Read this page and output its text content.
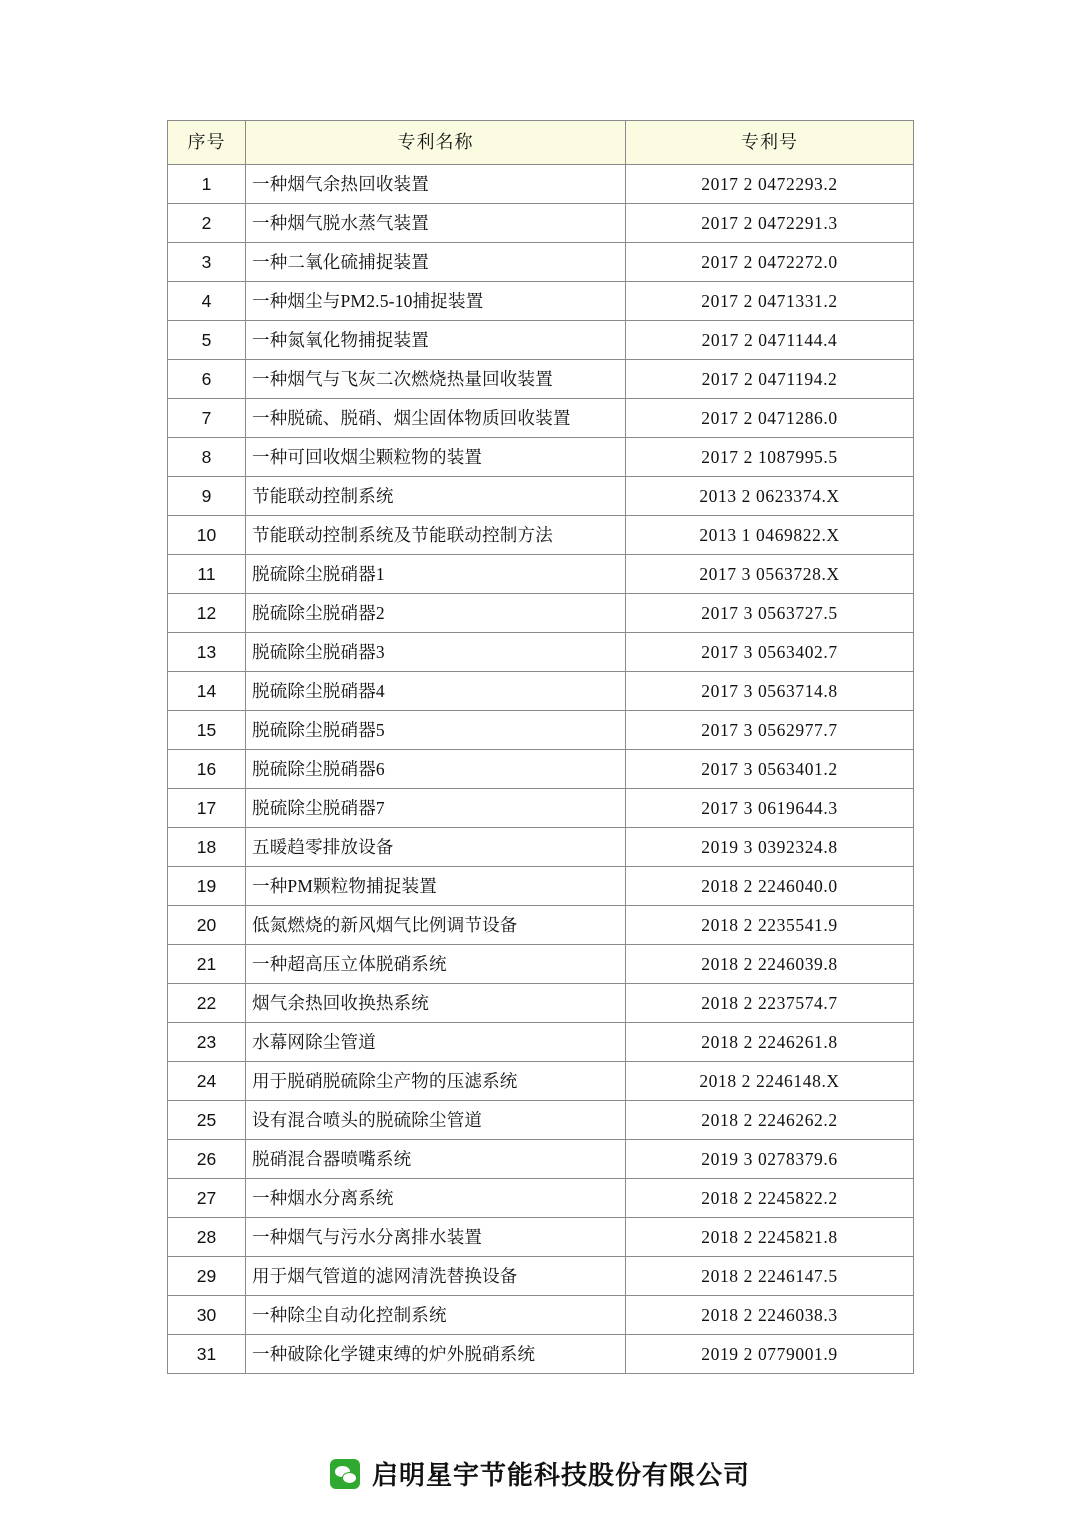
序号	专利名称	专利号
1	一种烟气余热回收装置	2017 2 0472293.2
2	一种烟气脱水蒸气装置	2017 2 0472291.3
3	一种二氧化硫捕捉装置	2017 2 0472272.0
4	一种烟尘与PM2.5-10捕捉装置	2017 2 0471331.2
5	一种氮氧化物捕捉装置	2017 2 0471144.4
6	一种烟气与飞灰二次燃烧热量回收装置	2017 2 0471194.2
7	一种脱硫、脱硝、烟尘固体物质回收装置	2017 2 0471286.0
8	一种可回收烟尘颗粒物的装置	2017 2 1087995.5
9	节能联动控制系统	2013 2 0623374.X
10	节能联动控制系统及节能联动控制方法	2013 1 0469822.X
11	脱硫除尘脱硝器1	2017 3 0563728.X
12	脱硫除尘脱硝器2	2017 3 0563727.5
13	脱硫除尘脱硝器3	2017 3 0563402.7
14	脱硫除尘脱硝器4	2017 3 0563714.8
15	脱硫除尘脱硝器5	2017 3 0562977.7
16	脱硫除尘脱硝器6	2017 3 0563401.2
17	脱硫除尘脱硝器7	2017 3 0619644.3
18	五暖趋零排放设备	2019 3 0392324.8
19	一种PM颗粒物捕捉装置	2018 2 2246040.0
20	低氮燃烧的新风烟气比例调节设备	2018 2 2235541.9
21	一种超高压立体脱硝系统	2018 2 2246039.8
22	烟气余热回收换热系统	2018 2 2237574.7
23	水幕网除尘管道	2018 2 2246261.8
24	用于脱硝脱硫除尘产物的压滤系统	2018 2 2246148.X
25	设有混合喷头的脱硫除尘管道	2018 2 2246262.2
26	脱硝混合器喷嘴系统	2019 3 0278379.6
27	一种烟水分离系统	2018 2 2245822.2
28	一种烟气与污水分离排水装置	2018 2 2245821.8
29	用于烟气管道的滤网清洗替换设备	2018 2 2246147.5
30	一种除尘自动化控制系统	2018 2 2246038.3
31	一种破除化学键束缚的炉外脱硝系统	2019 2 0779001.9
启明星宇节能科技股份有限公司
